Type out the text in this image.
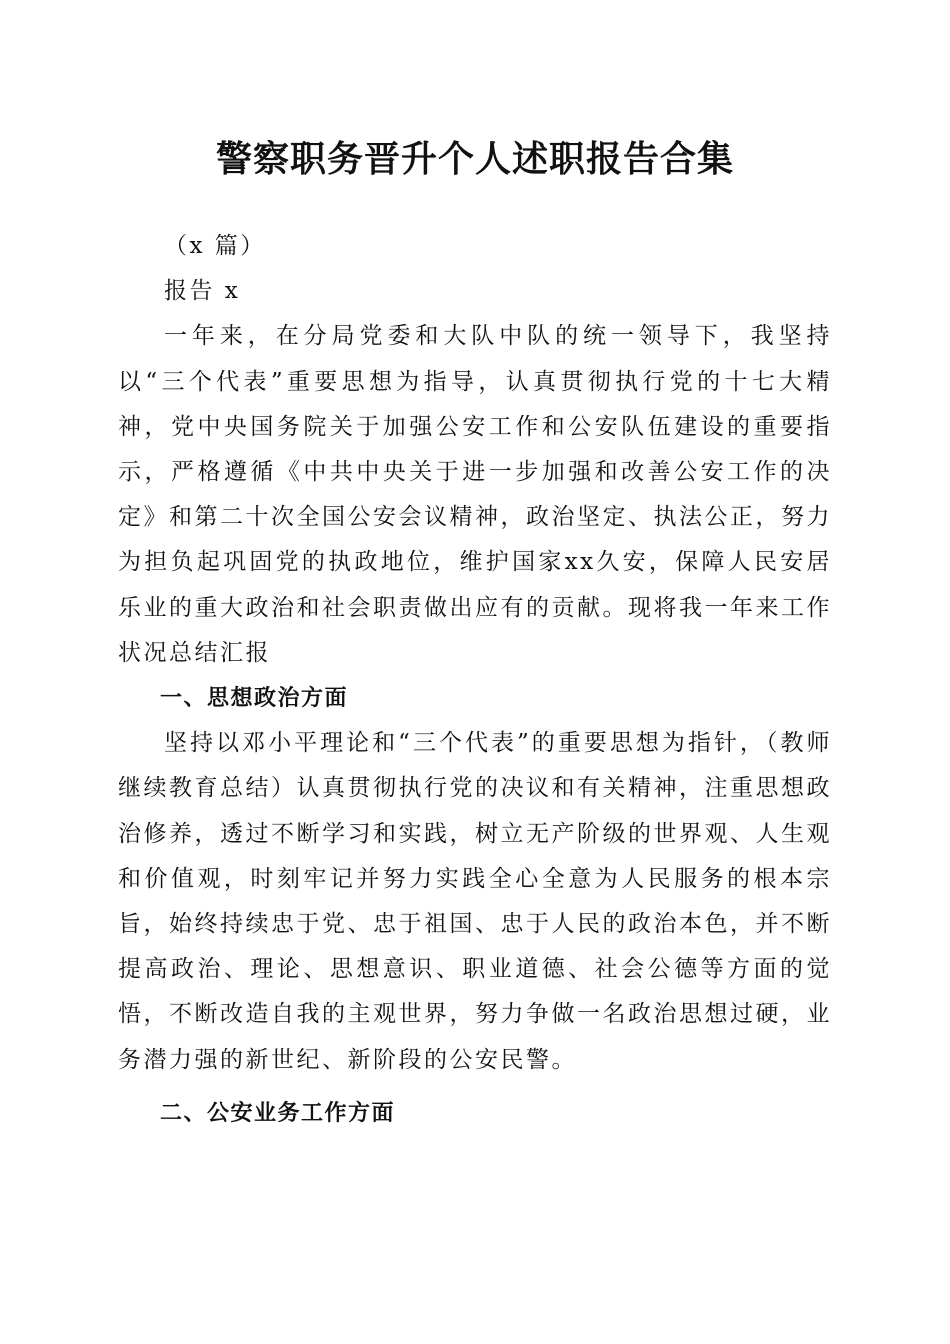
警察职务晋升个人述职报告合集

（x 篇）

报告 x

一年来，在分局党委和大队中队的统一领导下，我坚持以“三个代表”重要思想为指导，认真贯彻执行党的十七大精神，党中央国务院关于加强公安工作和公安队伍建设的重要指示，严格遵循《中共中央关于进一步加强和改善公安工作的决定》和第二十次全国公安会议精神，政治坚定、执法公正，努力为担负起巩固党的执政地位，维护国家xx久安，保障人民安居乐业的重大政治和社会职责做出应有的贡献。现将我一年来工作状况总结汇报

一、思想政治方面

坚持以邓小平理论和“三个代表”的重要思想为指针，（教师继续教育总结）认真贯彻执行党的决议和有关精神，注重思想政治修养，透过不断学习和实践，树立无产阶级的世界观、人生观和价值观，时刻牢记并努力实践全心全意为人民服务的根本宗旨，始终持续忠于党、忠于祖国、忠于人民的政治本色，并不断提高政治、理论、思想意识、职业道德、社会公德等方面的觉悟，不断改造自我的主观世界，努力争做一名政治思想过硬，业务潜力强的新世纪、新阶段的公安民警。

二、公安业务工作方面
